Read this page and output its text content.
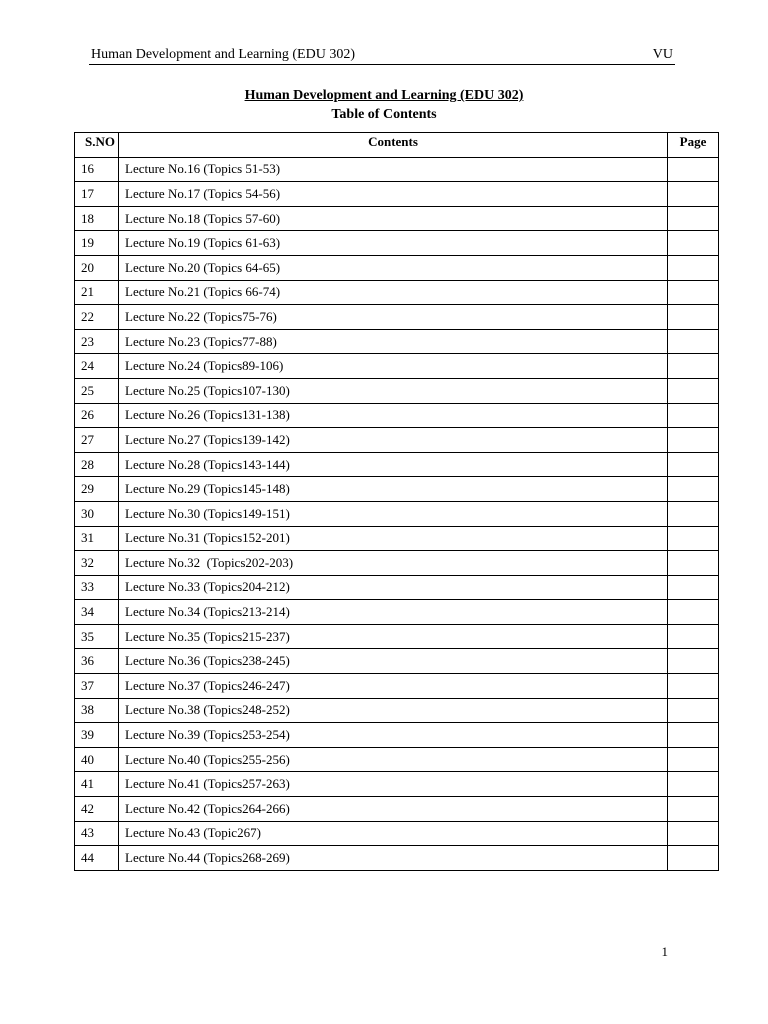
Human Development and Learning (EDU 302)	VU
Human Development and Learning (EDU 302)
Table of Contents
S.NO	Contents	Page
16	Lecture No.16 (Topics 51-53)	
17	Lecture No.17 (Topics 54-56)	
18	Lecture No.18 (Topics 57-60)	
19	Lecture No.19 (Topics 61-63)	
20	Lecture No.20 (Topics 64-65)	
21	Lecture No.21 (Topics 66-74)	
22	Lecture No.22 (Topics75-76)	
23	Lecture No.23 (Topics77-88)	
24	Lecture No.24 (Topics89-106)	
25	Lecture No.25 (Topics107-130)	
26	Lecture No.26 (Topics131-138)	
27	Lecture No.27 (Topics139-142)	
28	Lecture No.28 (Topics143-144)	
29	Lecture No.29 (Topics145-148)	
30	Lecture No.30 (Topics149-151)	
31	Lecture No.31 (Topics152-201)	
32	Lecture No.32  (Topics202-203)	
33	Lecture No.33 (Topics204-212)	
34	Lecture No.34 (Topics213-214)	
35	Lecture No.35 (Topics215-237)	
36	Lecture No.36 (Topics238-245)	
37	Lecture No.37 (Topics246-247)	
38	Lecture No.38 (Topics248-252)	
39	Lecture No.39 (Topics253-254)	
40	Lecture No.40 (Topics255-256)	
41	Lecture No.41 (Topics257-263)	
42	Lecture No.42 (Topics264-266)	
43	Lecture No.43 (Topic267)	
44	Lecture No.44 (Topics268-269)	
1
